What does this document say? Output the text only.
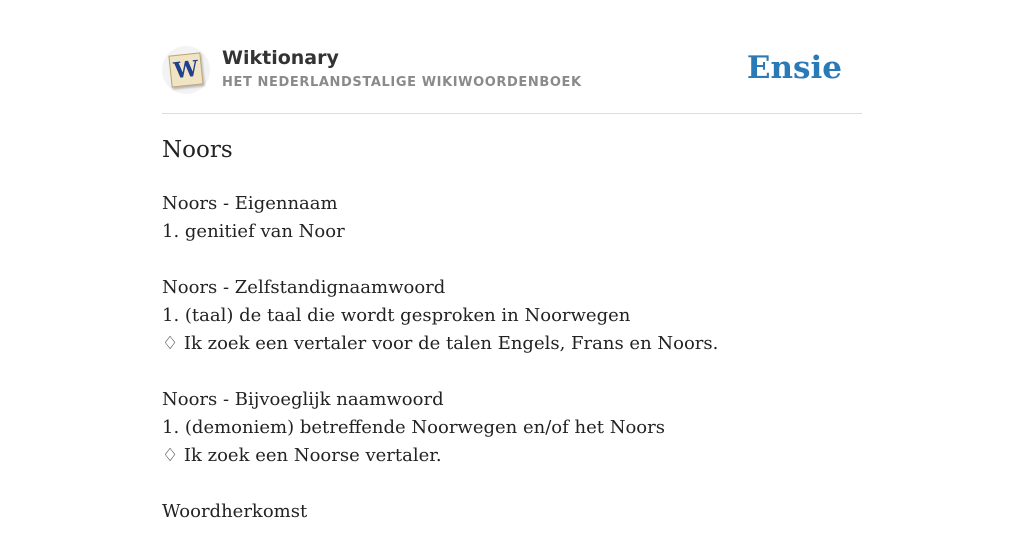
W Wiktionary
HET NEDERLANDSTALIGE WIKIWOORDENBOEK	Ensie
Noors
Noors - Eigennaam
1. genitief van Noor
Noors - Zelfstandignaamwoord
1. (taal) de taal die wordt gesproken in Noorwegen
♢ Ik zoek een vertaler voor de talen Engels, Frans en Noors.
Noors - Bijvoeglijk naamwoord
1. (demoniem) betreffende Noorwegen en/of het Noors
♢ Ik zoek een Noorse vertaler.
Woordherkomst
